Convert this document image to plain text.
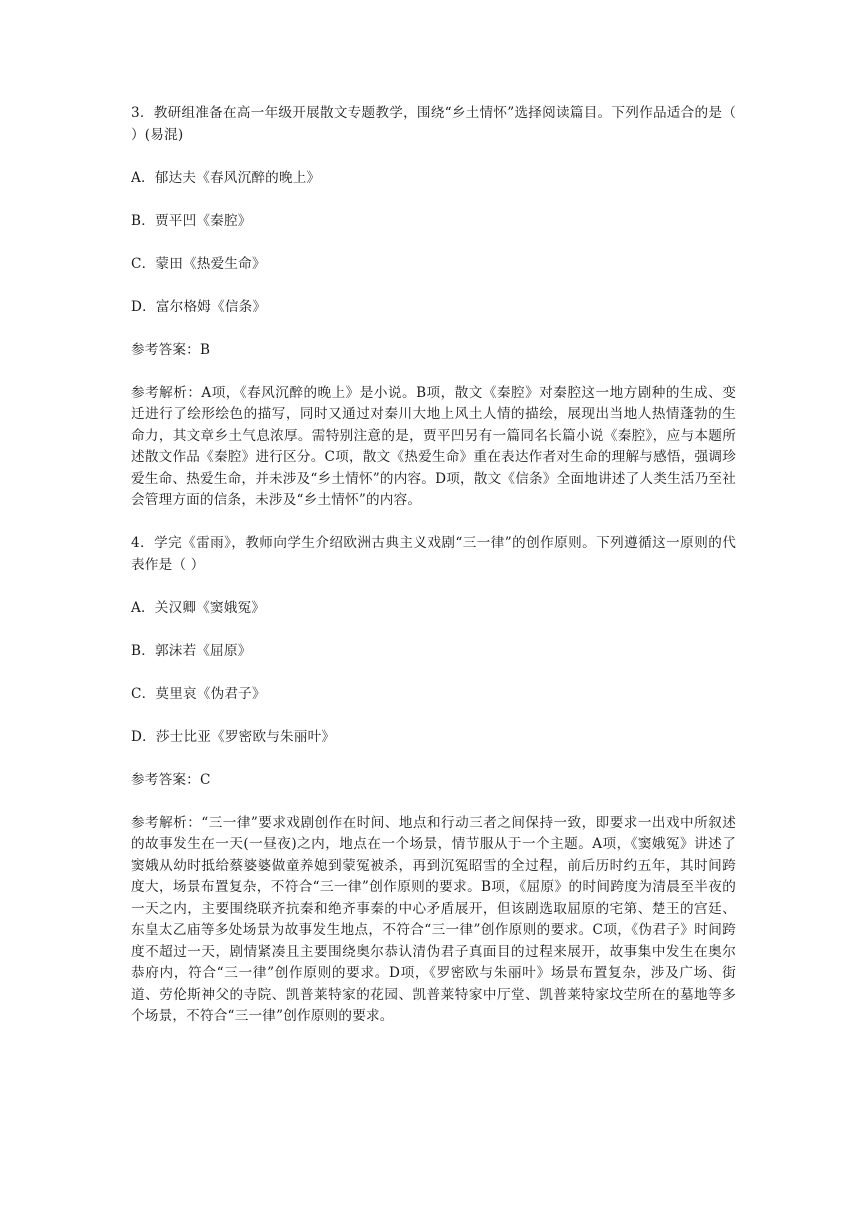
3．教研组准备在高一年级开展散文专题教学，围绕“乡土情怀”选择阅读篇目。下列作品适合的是（ ）(易混)

A．郁达夫《春风沉醉的晚上》

B．贾平凹《秦腔》

C．蒙田《热爱生命》

D．富尔格姆《信条》

参考答案：B

参考解析：A项，《春风沉醉的晚上》是小说。B项，散文《秦腔》对秦腔这一地方剧种的生成、变迁进行了绘形绘色的描写，同时又通过对秦川大地上风土人情的描绘，展现出当地人热情蓬勃的生命力，其文章乡土气息浓厚。需特别注意的是，贾平凹另有一篇同名长篇小说《秦腔》，应与本题所述散文作品《秦腔》进行区分。C项，散文《热爱生命》重在表达作者对生命的理解与感悟，强调珍爱生命、热爱生命，并未涉及“乡土情怀”的内容。D项，散文《信条》全面地讲述了人类生活乃至社会管理方面的信条，未涉及“乡土情怀”的内容。

4．学完《雷雨》，教师向学生介绍欧洲古典主义戏剧“三一律”的创作原则。下列遵循这一原则的代表作是（ ）

A．关汉卿《窦娥冤》

B．郭沫若《屈原》

C．莫里哀《伪君子》

D．莎士比亚《罗密欧与朱丽叶》

参考答案：C

参考解析：“三一律”要求戏剧创作在时间、地点和行动三者之间保持一致，即要求一出戏中所叙述的故事发生在一天(一昼夜)之内，地点在一个场景，情节服从于一个主题。A项，《窦娥冤》讲述了窦娥从幼时抵给蔡婆婆做童养媳到蒙冤被杀，再到沉冤昭雪的全过程，前后历时约五年，其时间跨度大，场景布置复杂，不符合“三一律”创作原则的要求。B项，《屈原》的时间跨度为清晨至半夜的一天之内，主要围绕联齐抗秦和绝齐事秦的中心矛盾展开，但该剧选取屈原的宅第、楚王的宫廷、东皇太乙庙等多处场景为故事发生地点，不符合“三一律”创作原则的要求。C项，《伪君子》时间跨度不超过一天，剧情紧凑且主要围绕奥尔恭认清伪君子真面目的过程来展开，故事集中发生在奥尔恭府内，符合“三一律”创作原则的要求。D项，《罗密欧与朱丽叶》场景布置复杂，涉及广场、街道、劳伦斯神父的寺院、凯普莱特家的花园、凯普莱特家中厅堂、凯普莱特家坟茔所在的墓地等多个场景，不符合“三一律”创作原则的要求。
